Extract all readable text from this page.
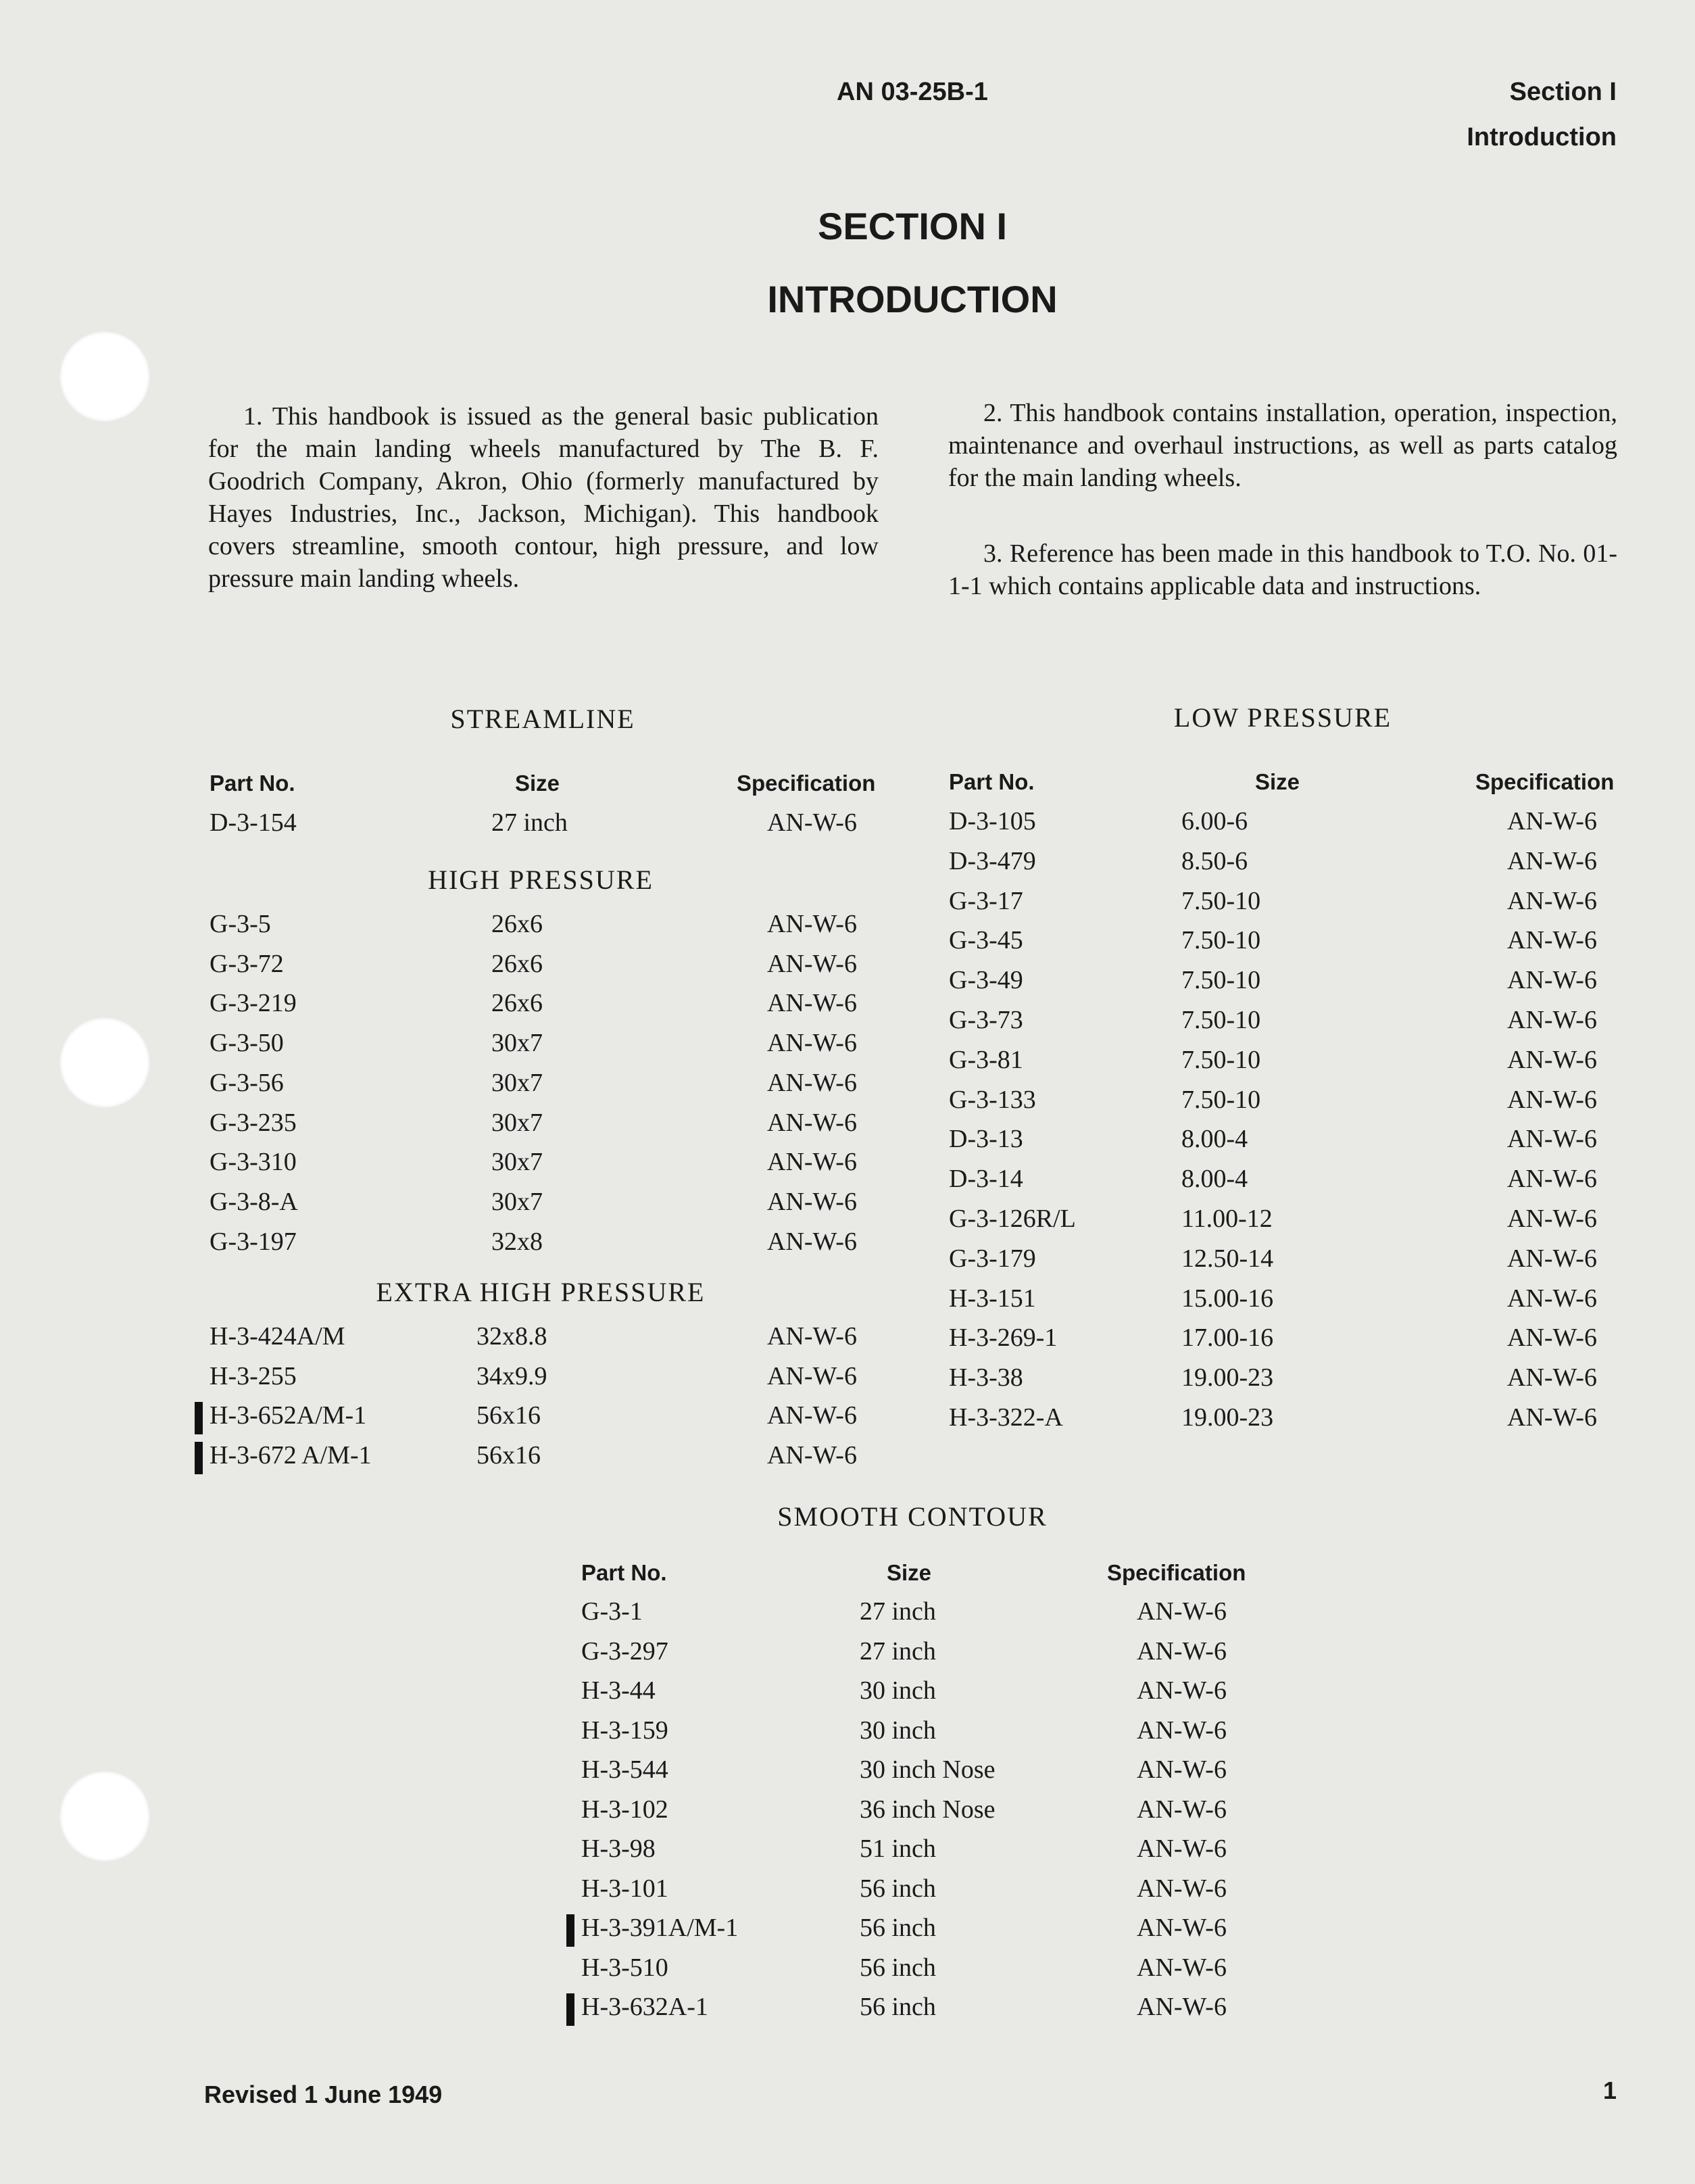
AN 03-25B-1	Section I
Introduction
SECTION I
INTRODUCTION
1. This handbook is issued as the general basic publication for the main landing wheels manufactured by The B. F. Goodrich Company, Akron, Ohio (formerly manufactured by Hayes Industries, Inc., Jackson, Michigan). This handbook covers streamline, smooth contour, high pressure, and low pressure main landing wheels.
2. This handbook contains installation, operation, inspection, maintenance and overhaul instructions, as well as parts catalog for the main landing wheels.
3. Reference has been made in this handbook to T.O. No. 01-1-1 which contains applicable data and instructions.
STREAMLINE	LOW PRESSURE
HIGH PRESSURE
EXTRA HIGH PRESSURE
SMOOTH CONTOUR
Part No.	Size	Specification	Part No.	Size	Specification
Part No.	Size	Specification
D-3-154	27 inch	AN-W-6
G-3-5	26x6	AN-W-6
G-3-72	26x6	AN-W-6
G-3-219	26x6	AN-W-6
G-3-50	30x7	AN-W-6
G-3-56	30x7	AN-W-6
G-3-235	30x7	AN-W-6
G-3-310	30x7	AN-W-6
G-3-8-A	30x7	AN-W-6
G-3-197	32x8	AN-W-6
H-3-424A/M	32x8.8	AN-W-6
H-3-255	34x9.9	AN-W-6
H-3-652A/M-1	56x16	AN-W-6
H-3-672 A/M-1	56x16	AN-W-6
D-3-105	6.00-6	AN-W-6
D-3-479	8.50-6	AN-W-6
G-3-17	7.50-10	AN-W-6
G-3-45	7.50-10	AN-W-6
G-3-49	7.50-10	AN-W-6
G-3-73	7.50-10	AN-W-6
G-3-81	7.50-10	AN-W-6
G-3-133	7.50-10	AN-W-6
D-3-13	8.00-4	AN-W-6
D-3-14	8.00-4	AN-W-6
G-3-126R/L	11.00-12	AN-W-6
G-3-179	12.50-14	AN-W-6
H-3-151	15.00-16	AN-W-6
H-3-269-1	17.00-16	AN-W-6
H-3-38	19.00-23	AN-W-6
H-3-322-A	19.00-23	AN-W-6
G-3-1	27 inch	AN-W-6
G-3-297	27 inch	AN-W-6
H-3-44	30 inch	AN-W-6
H-3-159	30 inch	AN-W-6
H-3-544	30 inch Nose	AN-W-6
H-3-102	36 inch Nose	AN-W-6
H-3-98	51 inch	AN-W-6
H-3-101	56 inch	AN-W-6
H-3-391A/M-1	56 inch	AN-W-6
H-3-510	56 inch	AN-W-6
H-3-632A-1	56 inch	AN-W-6
Revised 1 June 1949	1
